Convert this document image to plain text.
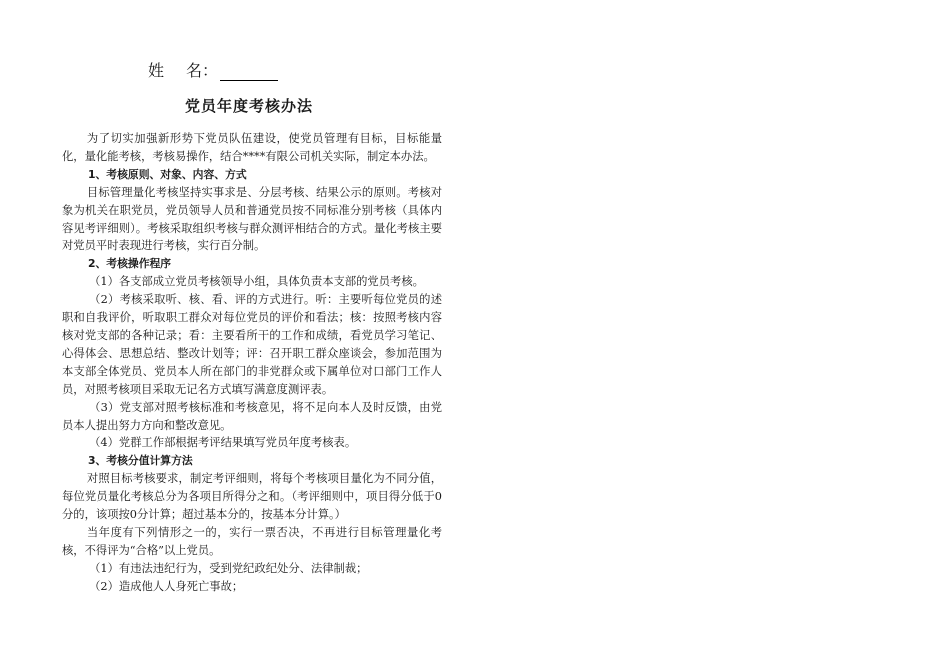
姓 名：
党员年度考核办法

为了切实加强新形势下党员队伍建设，使党员管理有目标，目标能量化，量化能考核，考核易操作，结合****有限公司机关实际，制定本办法。

1、考核原则、对象、内容、方式

目标管理量化考核坚持实事求是、分层考核、结果公示的原则。考核对象为机关在职党员，党员领导人员和普通党员按不同标准分别考核（具体内容见考评细则）。考核采取组织考核与群众测评相结合的方式。量化考核主要对党员平时表现进行考核，实行百分制。

2、考核操作程序

（1）各支部成立党员考核领导小组，具体负责本支部的党员考核。

（2）考核采取听、核、看、评的方式进行。听：主要听每位党员的述职和自我评价，听取职工群众对每位党员的评价和看法；核：按照考核内容核对党支部的各种记录；看：主要看所干的工作和成绩，看党员学习笔记、心得体会、思想总结、整改计划等；评：召开职工群众座谈会，参加范围为本支部全体党员、党员本人所在部门的非党群众或下属单位对口部门工作人员，对照考核项目采取无记名方式填写满意度测评表。

（3）党支部对照考核标准和考核意见，将不足向本人及时反馈，由党员本人提出努力方向和整改意见。

（4）党群工作部根据考评结果填写党员年度考核表。

3、考核分值计算方法

对照目标考核要求，制定考评细则，将每个考核项目量化为不同分值，每位党员量化考核总分为各项目所得分之和。（考评细则中，项目得分低于0分的，该项按0分计算；超过基本分的，按基本分计算。）

当年度有下列情形之一的，实行一票否决，不再进行目标管理量化考核，不得评为“合格”以上党员。

（1）有违法违纪行为，受到党纪政纪处分、法律制裁；

（2）造成他人人身死亡事故；
